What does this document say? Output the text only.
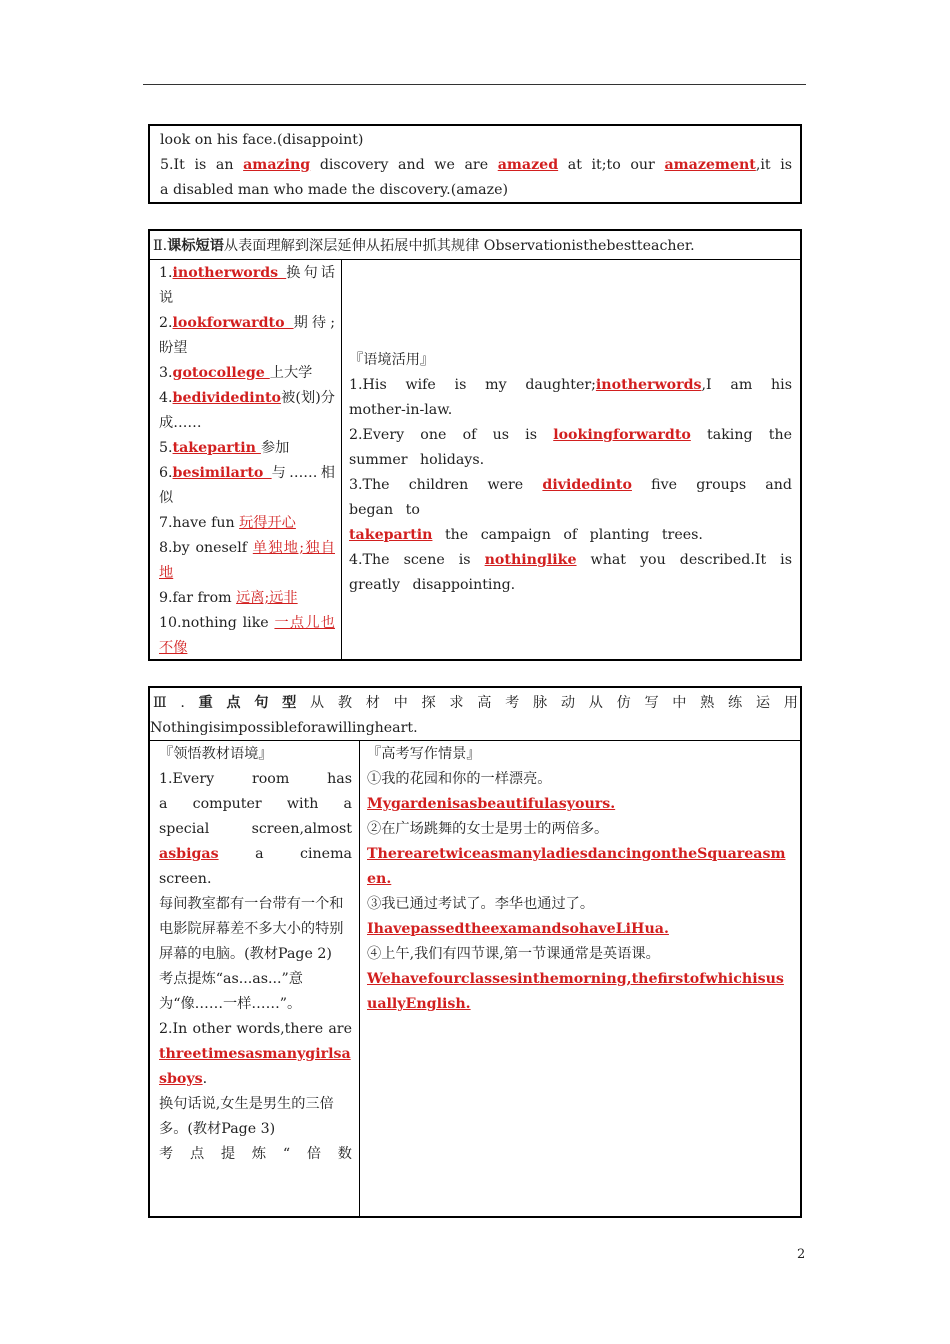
look on his face.(disappoint)

5.It is an amazing discovery and we are amazed at it;to our amazement,it is

a disabled man who made the discovery.(amaze)

Ⅱ.课标短语从表面理解到深层延伸从拓展中抓其规律 Observationisthebestteacher.

1.inotherwords 换句话说

2.lookforwardto 期待;盼望

3.gotocollege 上大学

4.bedividedinto被(划)分成……

5.takepartin 参加

6.besimilarto 与……相似

7.have fun 玩得开心

8.by oneself 单独地;独自地

9.far from 远离;远非

10.nothing like 一点儿也不像

『语境活用』

1.His wife is my daughter;inotherwords,I am his mother-in-law.

2.Every one of us is lookingforwardto taking the summer holidays.

3.The children were dividedinto five groups and began to

takepartin the campaign of planting trees.

4.The scene is nothinglike what you described.It is greatly disappointing.

Ⅲ.重点句型从教材中探求高考脉动从仿写中熟练运用

Nothingisimpossibleforawillingheart.

『领悟教材语境』

1.Every room has a computer with a special screen,almost asbigas a cinema screen.

每间教室都有一台带有一个和电影院屏幕差不多大小的特别屏幕的电脑。(教材Page 2)

考点提炼“as...as...”意为“像……一样……”。

2.In other words,there are threetimesasmanygirlsasboys.

换句话说,女生是男生的三倍多。(教材Page 3)

考点提炼“倍数

『高考写作情景』

①我的花园和你的一样漂亮。

Mygardenisasbeautifulasyours.

②在广场跳舞的女士是男士的两倍多。

TherearetwiceasmanyladiesdancingontheSquareasmen.

③我已通过考试了。李华也通过了。

IhavepassedtheexamandsohaveLiHua.

④上午,我们有四节课,第一节课通常是英语课。

Wehavefourclassesinthemorning,thefirstofwhichisusuallyEnglish.

2
